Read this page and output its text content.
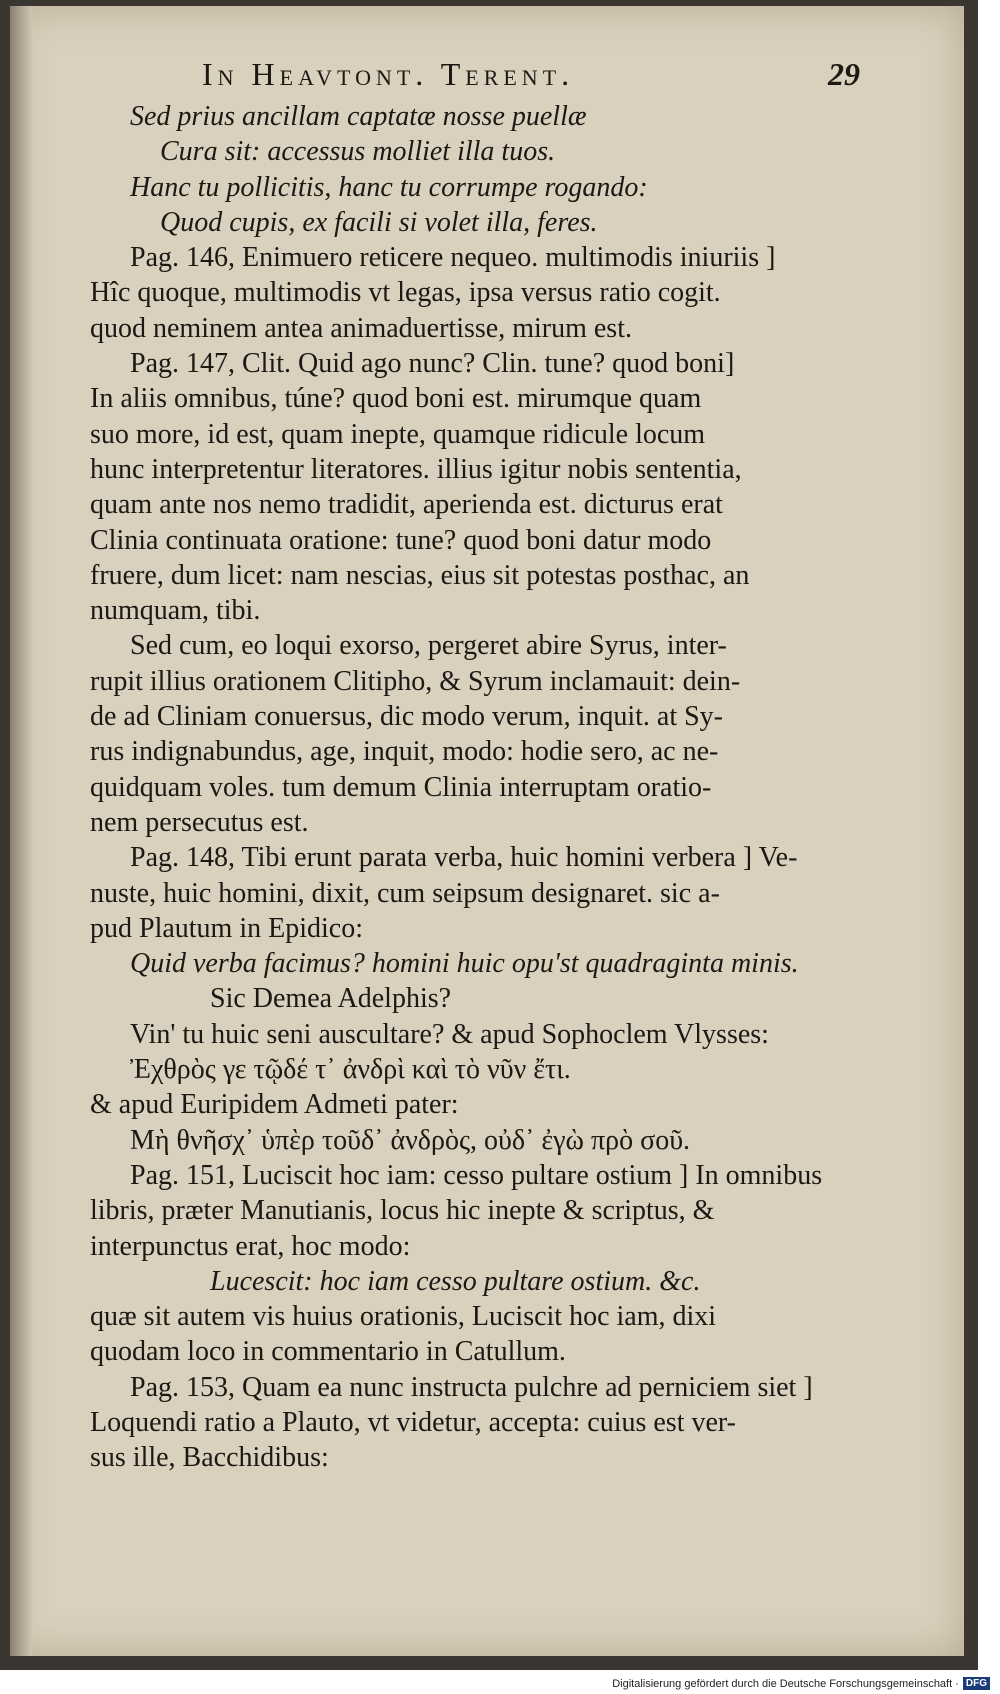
In Heavtont. Terent.	29
Sed prius ancillam captatæ nosse puellæ
Cura sit: accessus molliet illa tuos.
Hanc tu pollicitis, hanc tu corrumpe rogando:
Quod cupis, ex facili si volet illa, feres.
Pag. 146, Enimuero reticere nequeo. multimodis iniuriis ]
Hîc quoque, multimodis vt legas, ipsa versus ratio cogit.
quod neminem antea animaduertisse, mirum est.
Pag. 147, Clit. Quid ago nunc? Clin. tune? quod boni]
In aliis omnibus, túne? quod boni est. mirumque quam
suo more, id est, quam inepte, quamque ridicule locum
hunc interpretentur literatores. illius igitur nobis sententia,
quam ante nos nemo tradidit, aperienda est. dicturus erat
Clinia continuata oratione: tune? quod boni datur modo
fruere, dum licet: nam nescias, eius sit potestas posthac, an
numquam, tibi.
Sed cum, eo loqui exorso, pergeret abire Syrus, inter-
rupit illius orationem Clitipho, & Syrum inclamauit: dein-
de ad Cliniam conuersus, dic modo verum, inquit. at Sy-
rus indignabundus, age, inquit, modo: hodie sero, ac ne-
quidquam voles. tum demum Clinia interruptam oratio-
nem persecutus est.
Pag. 148, Tibi erunt parata verba, huic homini verbera ] Ve-
nuste, huic homini, dixit, cum seipsum designaret. sic a-
pud Plautum in Epidico:
Quid verba facimus? homini huic opu'st quadraginta minis.
Sic Demea Adelphis?
Vin' tu huic seni auscultare? & apud Sophoclem Vlysses:
Ἐχθρὸς γε τῷδέ τ᾽ ἀνδρὶ καὶ τὸ νῦν ἔτι.
& apud Euripidem Admeti pater:
Μὴ θνῆσχ᾽ ὑπὲρ τοῦδ᾽ ἀνδρὸς, οὐδ᾽ ἐγὼ πρὸ σοῦ.
Pag. 151, Luciscit hoc iam: cesso pultare ostium ] In omnibus
libris, præter Manutianis, locus hic inepte & scriptus, &
interpunctus erat, hoc modo:
Lucescit: hoc iam cesso pultare ostium. &c.
quæ sit autem vis huius orationis, Luciscit hoc iam, dixi
quodam loco in commentario in Catullum.
Pag. 153, Quam ea nunc instructa pulchre ad perniciem siet ]
Loquendi ratio a Plauto, vt videtur, accepta: cuius est ver-
sus ille, Bacchidibus:
Digitalisierung gefördert durch die Deutsche Forschungsgemeinschaft · DFG
